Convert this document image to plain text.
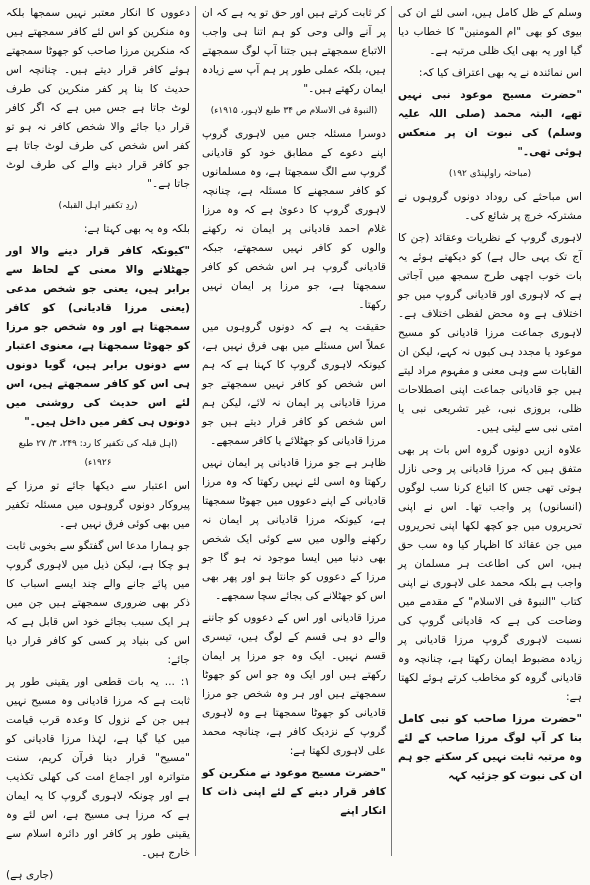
وسلم کے ظل کامل ہیں، اسی لئے ان کی بیوی کو بھی "ام المومنین" کا خطاب دیا گیا اور یہ بھی ایک ظلی مرتبہ ہے۔

اس نمائندہ نے یہ بھی اعتراف کیا کہ:

"حضرت مسیح موعود نبی نہیں تھے، البتہ محمد (صلی اللہ علیہ وسلم) کی نبوت ان پر منعکس ہوئی تھی۔"

(مباحثہ راولپنڈی ۱۹۲)

اس مباحثے کی روداد دونوں گروہوں نے مشترکہ خرچ پر شائع کی۔

لاہوری گروپ کے نظریات وعقائد (جن کا آج تک یہی حال ہے) کو دیکھتے ہوئے یہ بات خوب اچھی طرح سمجھ میں آجاتی ہے کہ لاہوری اور قادیانی گروپ میں جو اختلاف ہے وہ محض لفظی اختلاف ہے۔ لاہوری جماعت مرزا قادیانی کو مسیح موعود یا مجدد ہی کیوں نہ کہے، لیکن ان القابات سے وہی معنی و مفہوم مراد لیتے ہیں جو قادیانی جماعت اپنی اصطلاحات ظلی، بروزی نبی، غیر تشریعی نبی یا امتی نبی سے لیتی ہیں۔

علاوہ ازیں دونوں گروہ اس بات پر بھی متفق ہیں کہ مرزا قادیانی پر وحی نازل ہوتی تھی جس کا اتباع کرنا سب لوگوں (انسانوں) پر واجب تھا۔ اس نے اپنی تحریروں میں جو کچھ لکھا اپنی تحریروں میں جن عقائد کا اظہار کیا وہ سب حق ہیں، اس کی اطاعت ہر مسلمان پر واجب ہے بلکہ محمد علی لاہوری نے اپنی کتاب "النبوۃ فی الاسلام" کے مقدمے میں وضاحت کی ہے کہ قادیانی گروپ کی نسبت لاہوری گروپ مرزا قادیانی پر زیادہ مضبوط ایمان رکھتا ہے، چنانچہ وہ قادیانی گروہ کو مخاطب کرتے ہوئے لکھتا ہے:

"حضرت مرزا صاحب کو نبی کامل بنا کر آپ لوگ مرزا صاحب کے لئے وہ مرتبہ ثابت نہیں کر سکتے جو ہم ان کی نبوت کو جزئیہ کہہ

کر ثابت کرتے ہیں اور حق تو یہ ہے کہ ان پر آنے والی وحی کو ہم اتنا ہی واجب الاتباع سمجھتے ہیں جتنا آپ لوگ سمجھتے ہیں، بلکہ عملی طور پر ہم آپ سے زیادہ ایمان رکھتے ہیں۔"

(النبوۃ فی الاسلام ص ۳۴ طبع لاہور، ۱۹۱۵ء)

دوسرا مسئلہ جس میں لاہوری گروپ اپنے دعوے کے مطابق خود کو قادیانی گروپ سے الگ سمجھتا ہے، وہ مسلمانوں کو کافر سمجھنے کا مسئلہ ہے، چنانچہ لاہوری گروپ کا دعویٰ ہے کہ وہ مرزا غلام احمد قادیانی پر ایمان نہ رکھنے والوں کو کافر نہیں سمجھتے، جبکہ قادیانی گروپ ہر اس شخص کو کافر سمجھتا ہے، جو مرزا پر ایمان نہیں رکھتا۔

حقیقت یہ ہے کہ دونوں گروہوں میں عملاً اس مسئلے میں بھی فرق نہیں ہے، کیونکہ لاہوری گروپ کا کہنا ہے کہ ہم اس شخص کو کافر نہیں سمجھتے جو مرزا قادیانی پر ایمان نہ لائے، لیکن ہم اس شخص کو کافر قرار دیتے ہیں جو مرزا قادیانی کو جھٹلائے یا کافر سمجھے۔

ظاہر ہے جو مرزا قادیانی پر ایمان نہیں رکھتا وہ اسی لئے نہیں رکھتا کہ وہ مرزا قادیانی کے اپنے دعووں میں جھوٹا سمجھتا ہے، کیونکہ مرزا قادیانی پر ایمان نہ رکھنے والوں میں سے کوئی ایک شخص بھی دنیا میں ایسا موجود نہ ہو گا جو مرزا کے دعووں کو جانتا ہو اور پھر بھی اس کو جھٹلانے کی بجائے سچا سمجھے۔

مرزا قادیانی اور اس کے دعووں کو جاننے والے دو ہی قسم کے لوگ ہیں، تیسری قسم نہیں۔ ایک وہ جو مرزا پر ایمان رکھتے ہیں اور ایک وہ جو اس کو جھوٹا سمجھتے ہیں اور ہر وہ شخص جو مرزا قادیانی کو جھوٹا سمجھتا ہے وہ لاہوری گروپ کے نزدیک کافر ہے، چنانچہ محمد علی لاہوری لکھتا ہے:

"حضرت مسیح موعود نے منکرین کو کافر قرار دینے کے لئے اپنی ذات کا انکار اپنے

دعووں کا انکار معتبر نہیں سمجھا بلکہ وہ منکرین کو اس لئے کافر سمجھتے ہیں کہ منکرین مرزا صاحب کو جھوٹا سمجھتے ہوئے کافر قرار دیتے ہیں۔ چنانچہ اس حدیث کا بنا پر کفر منکرین کی طرف لوٹ جاتا ہے جس میں ہے کہ اگر کافر قرار دیا جائے والا شخص کافر نہ ہو تو کفر اس شخص کی طرف لوٹ جاتا ہے جو کافر قرار دینے والے کی طرف لوٹ جاتا ہے۔"

(ردِ تکفیر اہل القبلہ)

بلکہ وہ یہ بھی کہتا ہے:

"کیونکہ کافر قرار دینے والا اور جھٹلانے والا معنی کے لحاظ سے برابر ہیں، یعنی جو شخص مدعی (یعنی مرزا قادیانی) کو کافر سمجھتا ہے اور وہ شخص جو مرزا کو جھوٹا سمجھتا ہے، معنوی اعتبار سے دونوں برابر ہیں، گویا دونوں ہی اس کو کافر سمجھتے ہیں، اس لئے اس حدیث کی روشنی میں دونوں ہی کفر میں داخل ہیں۔"

(اہل قبلہ کی تکفیر کا رد: ۲۴۹، ۳/ ۲۷ طبع ۱۹۲۶ء)

اس اعتبار سے دیکھا جائے تو مرزا کے پیروکار دونوں گروہوں میں مسئلہ تکفیر میں بھی کوئی فرق نہیں ہے۔

جو ہمارا مدعا اس گفتگو سے بخوبی ثابت ہو چکا ہے، لیکن ذیل میں لاہوری گروپ میں پائے جانے والے چند ایسے اسباب کا ذکر بھی ضروری سمجھتے ہیں جن میں ہر ایک سبب بجائے خود اس قابل ہے کہ اس کی بنیاد پر کسی کو کافر قرار دیا جائے:

۱: ... یہ بات قطعی اور یقینی طور پر ثابت ہے کہ مرزا قادیانی وہ مسیح نہیں ہیں جن کے نزول کا وعدہ قرب قیامت میں کیا گیا ہے، لہٰذا مرزا قادیانی کو "مسیح" قرار دینا قرآن کریم، سنت متواترہ اور اجماع امت کی کھلی تکذیب ہے اور چونکہ لاہوری گروپ کا یہ ایمان ہے کہ مرزا ہی مسیح ہے، اس لئے وہ یقینی طور پر کافر اور دائرہ اسلام سے خارج ہیں۔

(جاری ہے)
